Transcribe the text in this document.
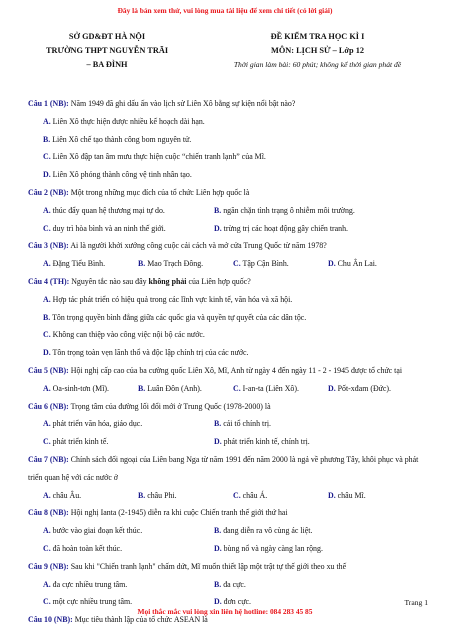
Đây là bản xem thử, vui lòng mua tài liệu để xem chi tiết (có lời giải)
SỞ GD&ĐT HÀ NỘI
TRƯỜNG THPT NGUYỄN TRÃI
– BA ĐÌNH
ĐỀ KIỂM TRA HỌC KÌ I
MÔN: LỊCH SỬ – Lớp 12
Thời gian làm bài: 60 phút; không kể thời gian phát đề
Câu 1 (NB): Năm 1949 đã ghi dấu ấn vào lịch sử Liên Xô bằng sự kiện nổi bật nào?
A. Liên Xô thực hiện được nhiều kế hoạch dài hạn.
B. Liên Xô chế tạo thành công bom nguyên tử.
C. Liên Xô đập tan âm mưu thực hiện cuộc “chiến tranh lạnh” của Mĩ.
D. Liên Xô phóng thành công vệ tinh nhân tạo.
Câu 2 (NB): Một trong những mục đích của tổ chức Liên hợp quốc là
A. thúc đẩy quan hệ thương mại tự do.	B. ngăn chặn tình trạng ô nhiễm môi trường.
C. duy trì hòa bình và an ninh thế giới.	D. trừng trị các hoạt động gây chiến tranh.
Câu 3 (NB): Ai là người khởi xướng công cuộc cải cách và mở cửa Trung Quốc từ năm 1978?
A. Đặng Tiểu Bình.	B. Mao Trạch Đông.	C. Tập Cận Bình.	D. Chu Ân Lai.
Câu 4 (TH): Nguyên tắc nào sau đây không phải của Liên hợp quốc?
A. Hợp tác phát triển có hiệu quả trong các lĩnh vực kinh tế, văn hóa và xã hội.
B. Tôn trọng quyền bình đẳng giữa các quốc gia và quyền tự quyết của các dân tộc.
C. Không can thiệp vào công việc nội bộ các nước.
D. Tôn trọng toàn vẹn lãnh thổ và độc lập chính trị của các nước.
Câu 5 (NB): Hội nghị cấp cao của ba cường quốc Liên Xô, Mĩ, Anh từ ngày 4 đến ngày 11 - 2 - 1945 được tổ chức tại
A. Oa-sinh-tơn (Mĩ).	B. Luân Đôn (Anh).	C. I-an-ta (Liên Xô).	D. Pốt-xđam (Đức).
Câu 6 (NB): Trọng tâm của đường lối đổi mới ở Trung Quốc (1978-2000) là
A. phát triển văn hóa, giáo dục.	B. cải tổ chính trị.
C. phát triển kinh tế.	D. phát triển kinh tế, chính trị.
Câu 7 (NB): Chính sách đối ngoại của Liên bang Nga từ năm 1991 đến năm 2000 là ngả về phương Tây, khôi phục và phát triển quan hệ với các nước ở
A. châu Âu.	B. châu Phi.	C. châu Á.	D. châu Mĩ.
Câu 8 (NB): Hội nghị Ianta (2-1945) diễn ra khi cuộc Chiến tranh thế giới thứ hai
A. bước vào giai đoạn kết thúc.	B. đang diễn ra vô cùng ác liệt.
C. đã hoàn toàn kết thúc.	D. bùng nổ và ngày càng lan rộng.
Câu 9 (NB): Sau khi "Chiến tranh lạnh" chấm dứt, Mĩ muốn thiết lập một trật tự thế giới theo xu thế
A. đa cực nhiều trung tâm.	B. đa cực.
C. một cực nhiều trung tâm.	D. đơn cực.
Câu 10 (NB): Mục tiêu thành lập của tổ chức ASEAN là
Trang 1
Mọi thắc mắc vui lòng xin liên hệ hotline: 084 283 45 85
